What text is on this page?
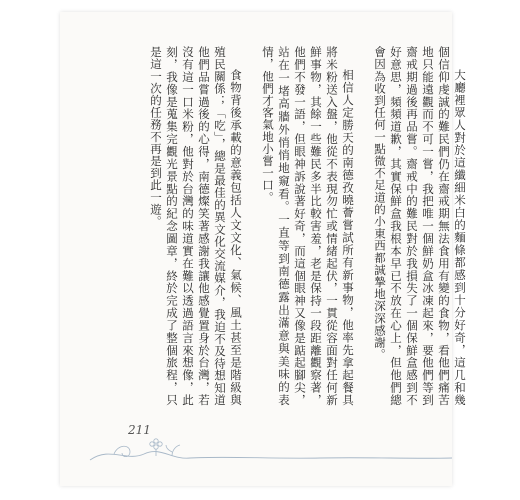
大廳裡眾人對於這纖細米白的麵條都感到十分好奇，這几和幾個信仰虔誠的難民們仍在齋戒期無法食用有變的食物，看他們痛苦地只能遠觀而不可一嘗，我把唯一個鮮奶盒冰凍起來，要他們等到齋戒期過後再品嘗。齋戒中的難民對於我損失了一個保鮮盒感到不好意思，頻頻道歉，其實保鮮盒我根本早已不放在心上，但他們總會因為收到任何一點微不足道的小東西都誠摯地深深感謝。

相信人定勝天的南德孜曉薈嘗試所有新事物，他率先拿起餐具將米粉送入盤，他從不表現勿忙或情緒起伏，一貫從容面對任何新鮮事物，其餘一些難民多半比較害羞，老是保持一段距離觀察著，他們不發一語，但眼神訴說著好奇，而這個眼神又像是踮起腳尖，站在一堵高牆外悄悄地窺看。一直等到南德露出滿意與美味的表情，他們才客氣地小嘗一口。

食物背後承載的意義包括人文文化、氣候、風土甚至是階級與殖民關係；「吃」，總是最佳的異文化交流媒介，我迫不及待想知道他們品嘗過後的心得，南德燦笑著感謝我讓他感覺置身於台灣，若沒有這一口米粉，他對於台灣的味道實在難以透過語言來想像，此刻，我像是蒐集完觀光景點的紀念圖章，終於完成了整個旅程，只是這一次的任務不再是到此一遊。

211
